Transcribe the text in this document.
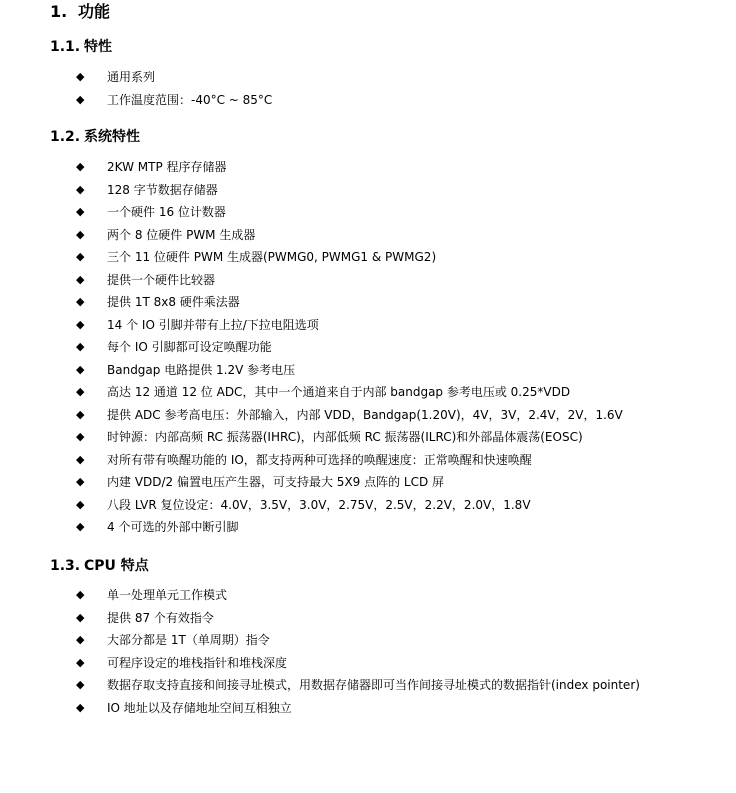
1. 功能
1.1. 特性
◆ 通用系列
◆ 工作温度范围：-40°C ~ 85°C
1.2. 系统特性
◆ 2KW MTP 程序存储器
◆ 128 字节数据存储器
◆ 一个硬件 16 位计数器
◆ 两个 8 位硬件 PWM 生成器
◆ 三个 11 位硬件 PWM 生成器(PWMG0, PWMG1 & PWMG2)
◆ 提供一个硬件比较器
◆ 提供 1T 8x8 硬件乘法器
◆ 14 个 IO 引脚并带有上拉/下拉电阻选项
◆ 每个 IO 引脚都可设定唤醒功能
◆ Bandgap 电路提供 1.2V 参考电压
◆ 高达 12 通道 12 位 ADC，其中一个通道来自于内部 bandgap 参考电压或 0.25*VDD
◆ 提供 ADC 参考高电压：外部输入，内部 VDD，Bandgap(1.20V)，4V，3V，2.4V，2V，1.6V
◆ 时钟源：内部高频 RC 振荡器(IHRC)，内部低频 RC 振荡器(ILRC)和外部晶体震荡(EOSC)
◆ 对所有带有唤醒功能的 IO，都支持两种可选择的唤醒速度：正常唤醒和快速唤醒
◆ 内建 VDD/2 偏置电压产生器，可支持最大 5X9 点阵的 LCD 屏
◆ 八段 LVR 复位设定：4.0V，3.5V，3.0V，2.75V，2.5V，2.2V，2.0V，1.8V
◆ 4 个可选的外部中断引脚
1.3. CPU 特点
◆ 单一处理单元工作模式
◆ 提供 87 个有效指令
◆ 大部分都是 1T（单周期）指令
◆ 可程序设定的堆栈指针和堆栈深度
◆ 数据存取支持直接和间接寻址模式，用数据存储器即可当作间接寻址模式的数据指针(index pointer)
◆ IO 地址以及存储地址空间互相独立
